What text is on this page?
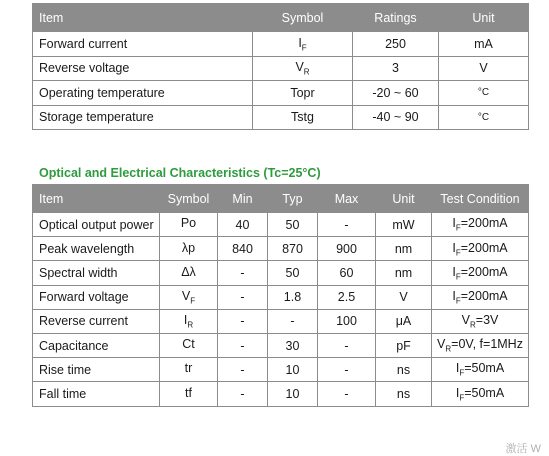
Item	Symbol	Ratings	Unit
Forward current	$I_F$	250	mA
Reverse voltage	$V_R$	3	V
Operating temperature	Topr	-20 ~ 60	°C
Storage temperature	Tstg	-40 ~ 90	°C
Optical and Electrical Characteristics (Tc=25°C)
Item	Symbol	Min	Typ	Max	Unit	Test Condition
Optical output power	Po	40	50	-	mW	$I_F=200mA$
Peak wavelength	λp	840	870	900	nm	$I_F=200mA$
Spectral width	Δλ	-	50	60	nm	$I_F=200mA$
Forward voltage	$V_F$	-	1.8	2.5	V	$I_F=200mA$
Reverse current	$I_R$	-	-	100	μA	$V_R=3V$
Capacitance	Ct	-	30	-	pF	$V_R=0V$, f=1MHz
Rise time	tr	-	10	-	ns	$I_F=50mA$
Fall time	tf	-	10	-	ns	$I_F=50mA$
激活 W
